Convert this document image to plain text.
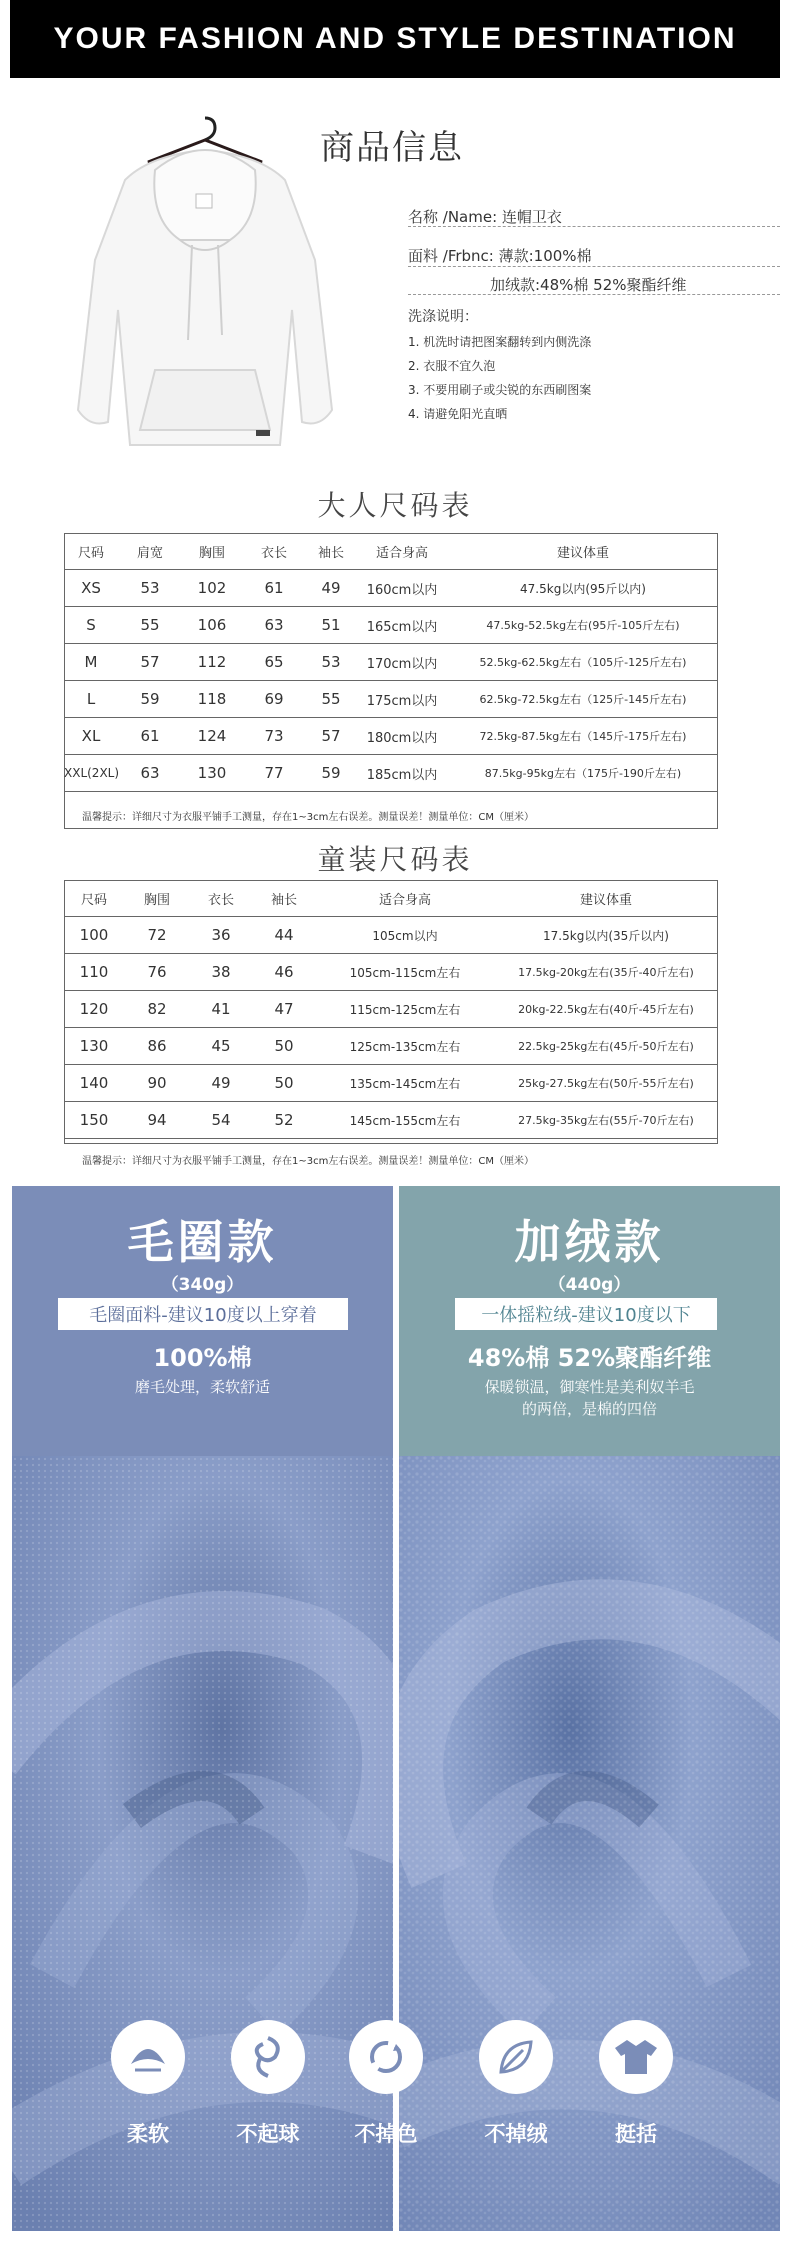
YOUR FASHION AND STYLE DESTINATION
商品信息
名称 /Name: 连帽卫衣
面料 /Frbnc: 薄款:100%棉
加绒款:48%棉 52%聚酯纤维
洗涤说明：
1. 机洗时请把图案翻转到内侧洗涤
2. 衣服不宜久泡
3. 不要用刷子或尖锐的东西刷图案
4. 请避免阳光直晒
大人尺码表
尺码	肩宽	胸围	衣长	袖长	适合身高	建议体重
XS	53	102	61	49	160cm以内	47.5kg以内(95斤以内)
S	55	106	63	51	165cm以内	47.5kg-52.5kg左右(95斤-105斤左右)
M	57	112	65	53	170cm以内	52.5kg-62.5kg左右（105斤-125斤左右)
L	59	118	69	55	175cm以内	62.5kg-72.5kg左右（125斤-145斤左右)
XL	61	124	73	57	180cm以内	72.5kg-87.5kg左右（145斤-175斤左右)
XXL(2XL)	63	130	77	59	185cm以内	87.5kg-95kg左右（175斤-190斤左右)
温馨提示：详细尺寸为衣服平铺手工测量，存在1~3cm左右误差。测量误差！测量单位：CM（厘米）
童装尺码表
尺码	胸围	衣长	袖长	适合身高	建议体重
100	72	36	44	105cm以内	17.5kg以内(35斤以内)
110	76	38	46	105cm-115cm左右	17.5kg-20kg左右(35斤-40斤左右)
120	82	41	47	115cm-125cm左右	20kg-22.5kg左右(40斤-45斤左右)
130	86	45	50	125cm-135cm左右	22.5kg-25kg左右(45斤-50斤左右)
140	90	49	50	135cm-145cm左右	25kg-27.5kg左右(50斤-55斤左右)
150	94	54	52	145cm-155cm左右	27.5kg-35kg左右(55斤-70斤左右)
温馨提示：详细尺寸为衣服平铺手工测量，存在1~3cm左右误差。测量误差！测量单位：CM（厘米）
毛圈款
（340g）
毛圈面料-建议10度以上穿着
100%棉
磨毛处理，柔软舒适
加绒款
（440g）
一体摇粒绒-建议10度以下
48%棉 52%聚酯纤维
保暖锁温，御寒性是美利奴羊毛
的两倍，是棉的四倍
柔软	不起球	不掉色	不掉绒	挺括
